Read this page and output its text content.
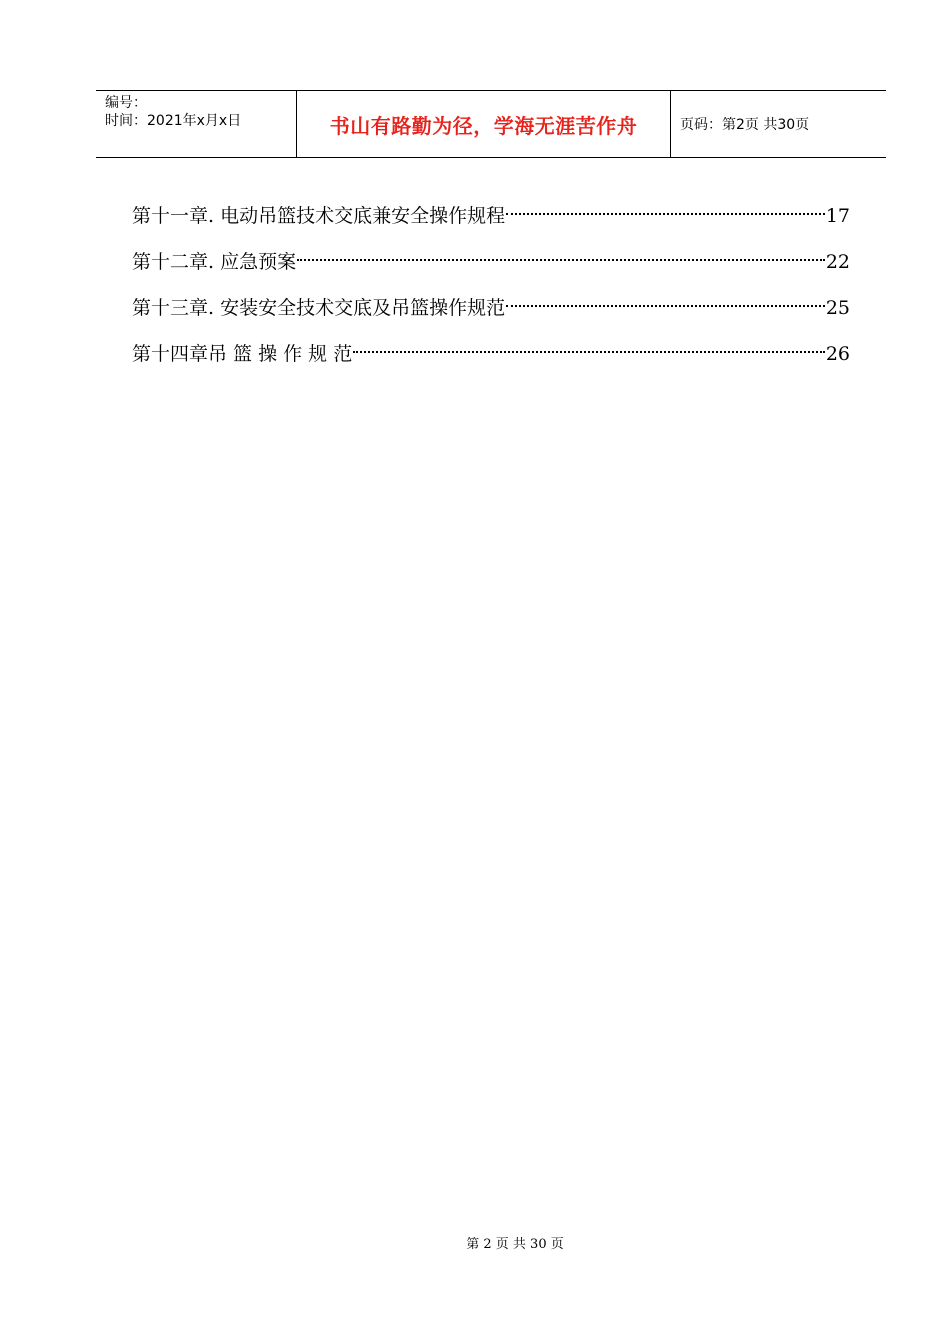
编号：
时间：2021年x月x日	书山有路勤为径，学海无涯苦作舟	页码：第2页 共30页
第十一章. 电动吊篮技术交底兼安全操作规程	17
第十二章. 应急预案	22
第十三章. 安装安全技术交底及吊篮操作规范	25
第十四章吊 篮 操 作 规 范	26
第 2 页 共 30 页
